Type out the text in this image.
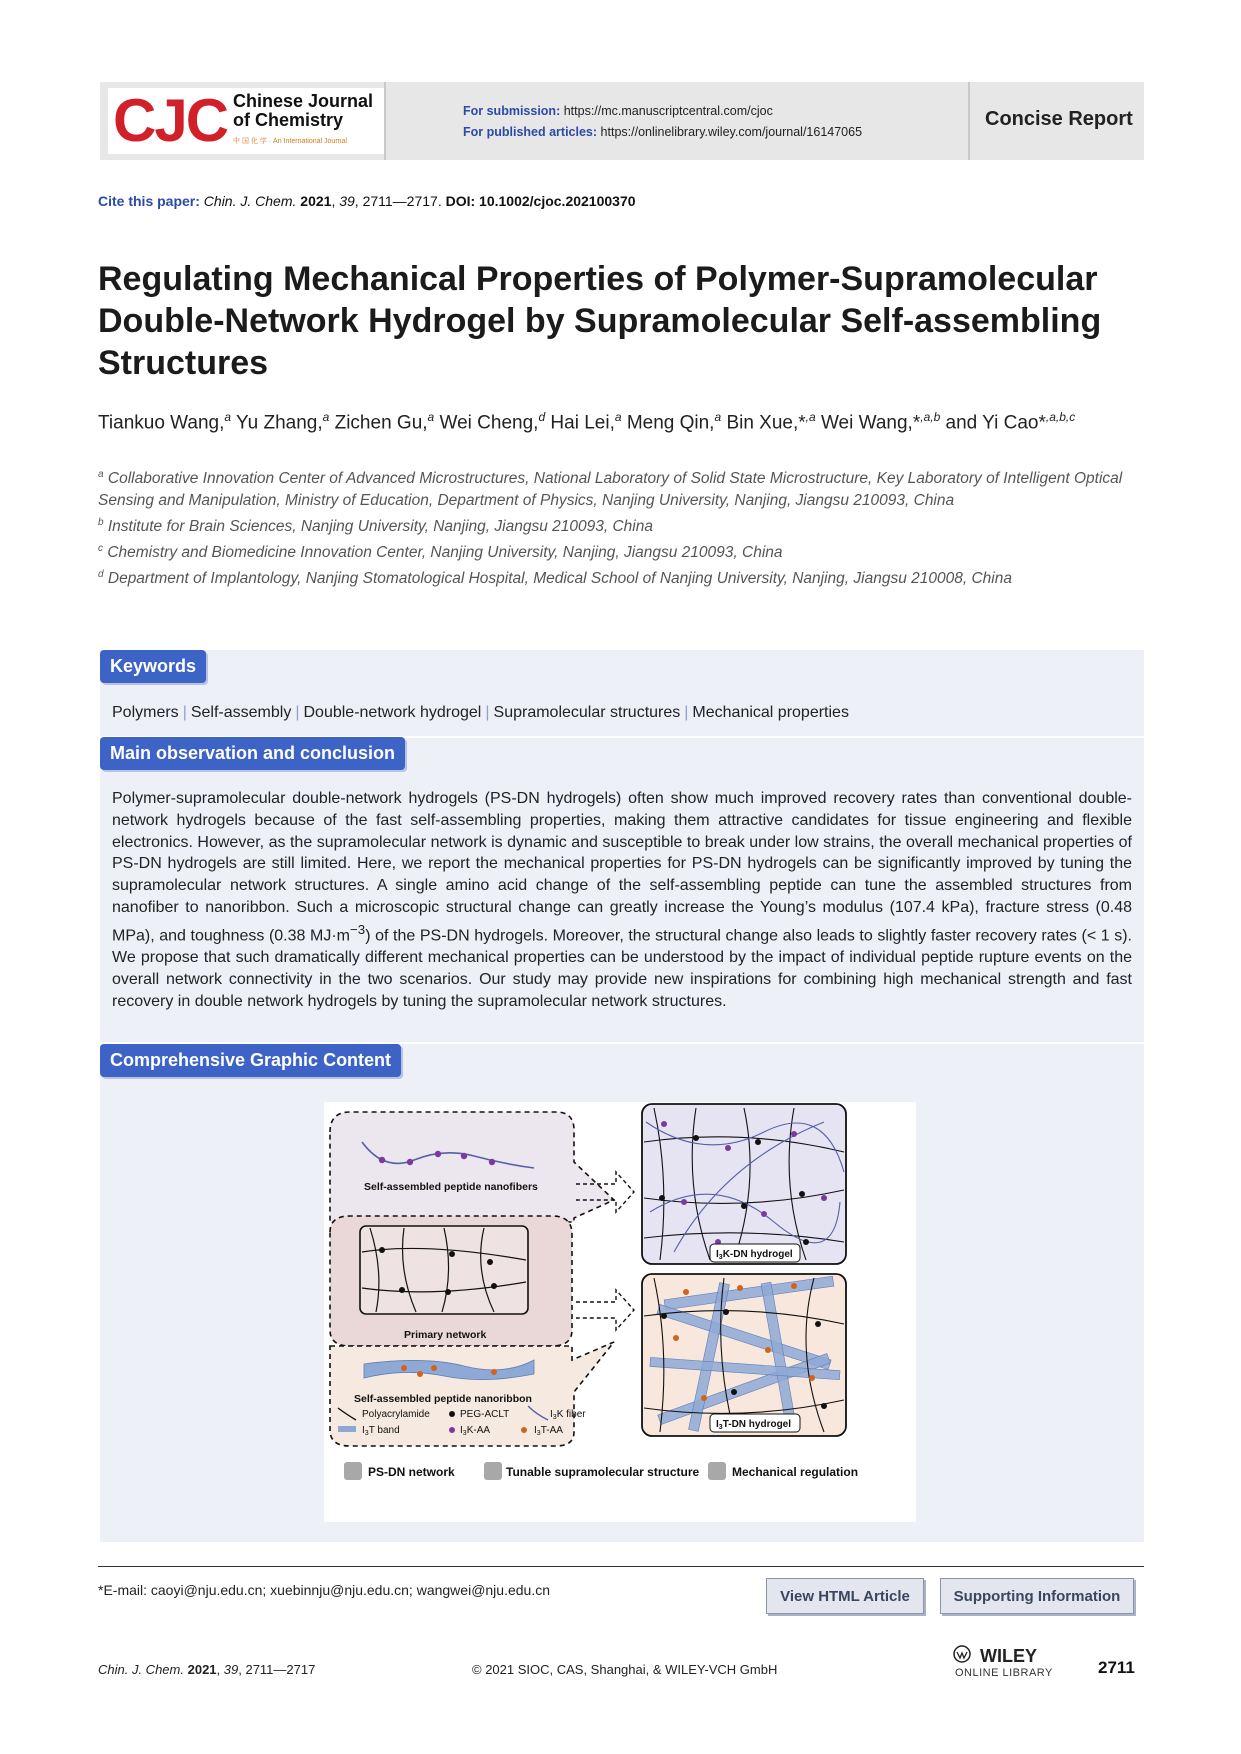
CJC Chinese Journal
of Chemistry
中 国 化 学 · An International Journal
For submission: https://mc.manuscriptcentral.com/cjoc
For published articles: https://onlinelibrary.wiley.com/journal/16147065
Concise Report
Cite this paper: Chin. J. Chem. 2021, 39, 2711—2717. DOI: 10.1002/cjoc.202100370
Regulating Mechanical Properties of Polymer-Supramolecular Double-Network Hydrogel by Supramolecular Self-assembling Structures
Tiankuo Wang,$^a$ Yu Zhang,$^a$ Zichen Gu,$^a$ Wei Cheng,$^d$ Hai Lei,$^a$ Meng Qin,$^a$ Bin Xue,*$^{,a}$ Wei Wang,*$^{,a,b}$ and Yi Cao*$^{,a,b,c}$
$^a$ Collaborative Innovation Center of Advanced Microstructures, National Laboratory of Solid State Microstructure, Key Laboratory of Intelligent Optical Sensing and Manipulation, Ministry of Education, Department of Physics, Nanjing University, Nanjing, Jiangsu 210093, China
$^b$ Institute for Brain Sciences, Nanjing University, Nanjing, Jiangsu 210093, China
$^c$ Chemistry and Biomedicine Innovation Center, Nanjing University, Nanjing, Jiangsu 210093, China
$^d$ Department of Implantology, Nanjing Stomatological Hospital, Medical School of Nanjing University, Nanjing, Jiangsu 210008, China
Keywords
Polymers | Self-assembly | Double-network hydrogel | Supramolecular structures | Mechanical properties
Main observation and conclusion
Polymer-supramolecular double-network hydrogels (PS-DN hydrogels) often show much improved recovery rates than conventional double-network hydrogels because of the fast self-assembling properties, making them attractive candidates for tissue engineering and flexible electronics. However, as the supramolecular network is dynamic and susceptible to break under low strains, the overall mechanical properties of PS-DN hydrogels are still limited. Here, we report the mechanical properties for PS-DN hydrogels can be significantly improved by tuning the supramolecular network structures. A single amino acid change of the self-assembling peptide can tune the assembled structures from nanofiber to nanoribbon. Such a microscopic structural change can greatly increase the Young’s modulus (107.4 kPa), fracture stress (0.48 MPa), and toughness (0.38 $MJ\cdot m^{-3}$) of the PS-DN hydrogels. Moreover, the structural change also leads to slightly faster recovery rates (< 1 s). We propose that such dramatically different mechanical properties can be understood by the impact of individual peptide rupture events on the overall network connectivity in the two scenarios. Our study may provide new inspirations for combining high mechanical strength and fast recovery in double network hydrogels by tuning the supramolecular network structures.
Comprehensive Graphic Content
Self-assembled peptide nanofibers
Primary network
Self-assembled peptide nanoribbon
$I_3K-DN$ hydrogel
$I_3T-DN$ hydrogel
Polyacrylamide	PEG-ACLT	$I_3K$ fiber
$I_3T$ band	$I_3K-AA$	$I_3T-AA$
PS-DN network	Tunable supramolecular structure	Mechanical regulation
*E-mail: caoyi@nju.edu.cn; xuebinnju@nju.edu.cn; wangwei@nju.edu.cn	View HTML Article	Supporting Information
Chin. J. Chem. 2021, 39, 2711—2717	© 2021 SIOC, CAS, Shanghai, & WILEY-VCH GmbH
WILEY
ONLINE LIBRARY	2711
